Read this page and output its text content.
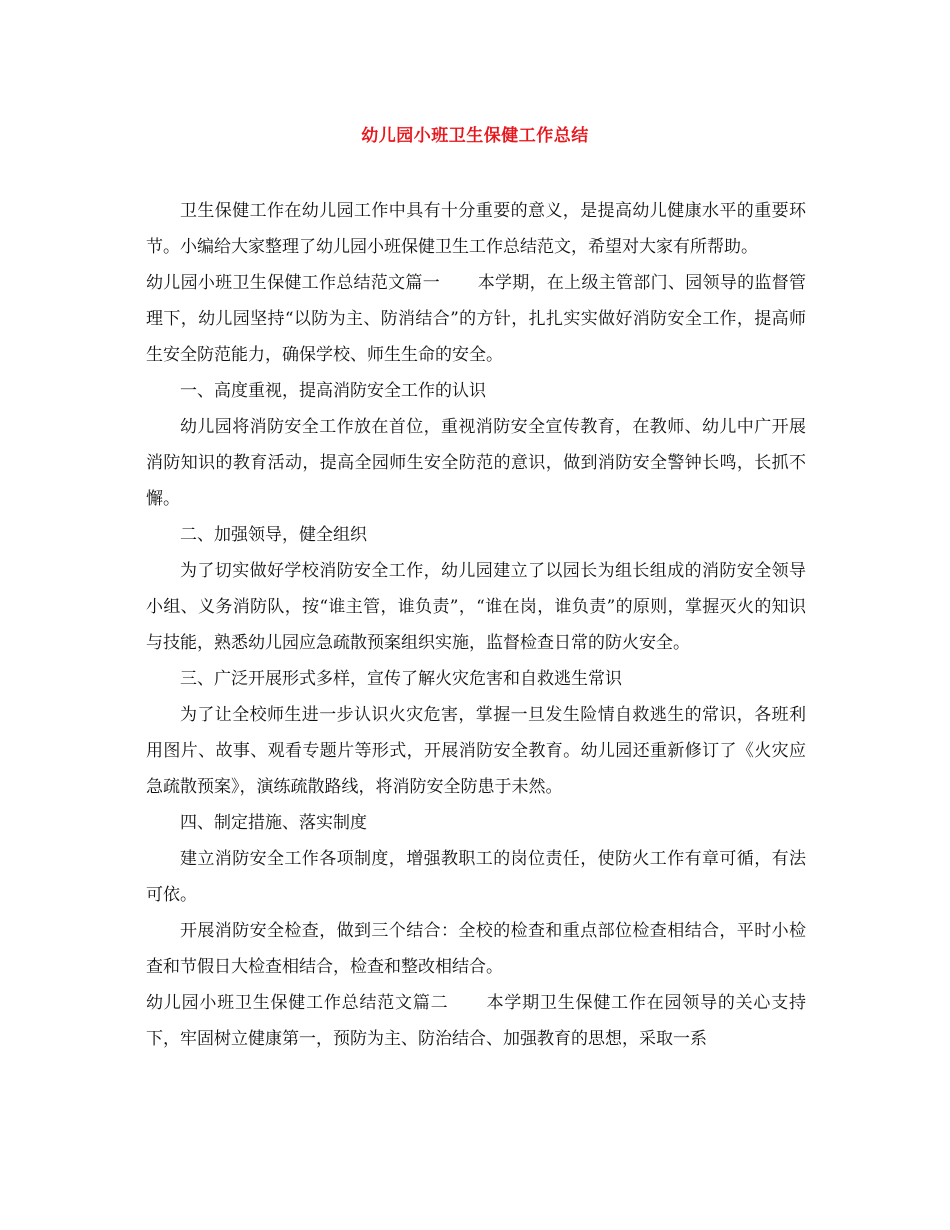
幼儿园小班卫生保健工作总结

卫生保健工作在幼儿园工作中具有十分重要的意义，是提高幼儿健康水平的重要环节。小编给大家整理了幼儿园小班保健卫生工作总结范文，希望对大家有所帮助。

幼儿园小班卫生保健工作总结范文篇一 本学期，在上级主管部门、园领导的监督管理下，幼儿园坚持“以防为主、防消结合”的方针，扎扎实实做好消防安全工作，提高师生安全防范能力，确保学校、师生生命的安全。

一、高度重视，提高消防安全工作的认识

幼儿园将消防安全工作放在首位，重视消防安全宣传教育，在教师、幼儿中广开展消防知识的教育活动，提高全园师生安全防范的意识，做到消防安全警钟长鸣，长抓不懈。

二、加强领导，健全组织

为了切实做好学校消防安全工作，幼儿园建立了以园长为组长组成的消防安全领导小组、义务消防队，按“谁主管，谁负责”，“谁在岗，谁负责”的原则，掌握灭火的知识与技能，熟悉幼儿园应急疏散预案组织实施，监督检查日常的防火安全。

三、广泛开展形式多样，宣传了解火灾危害和自救逃生常识

为了让全校师生进一步认识火灾危害，掌握一旦发生险情自救逃生的常识，各班利用图片、故事、观看专题片等形式，开展消防安全教育。幼儿园还重新修订了《火灾应急疏散预案》，演练疏散路线，将消防安全防患于未然。

四、制定措施、落实制度

建立消防安全工作各项制度，增强教职工的岗位责任，使防火工作有章可循，有法可依。

开展消防安全检查，做到三个结合：全校的检查和重点部位检查相结合，平时小检查和节假日大检查相结合，检查和整改相结合。

幼儿园小班卫生保健工作总结范文篇二 本学期卫生保健工作在园领导的关心支持下，牢固树立健康第一，预防为主、防治结合、加强教育的思想，采取一系
